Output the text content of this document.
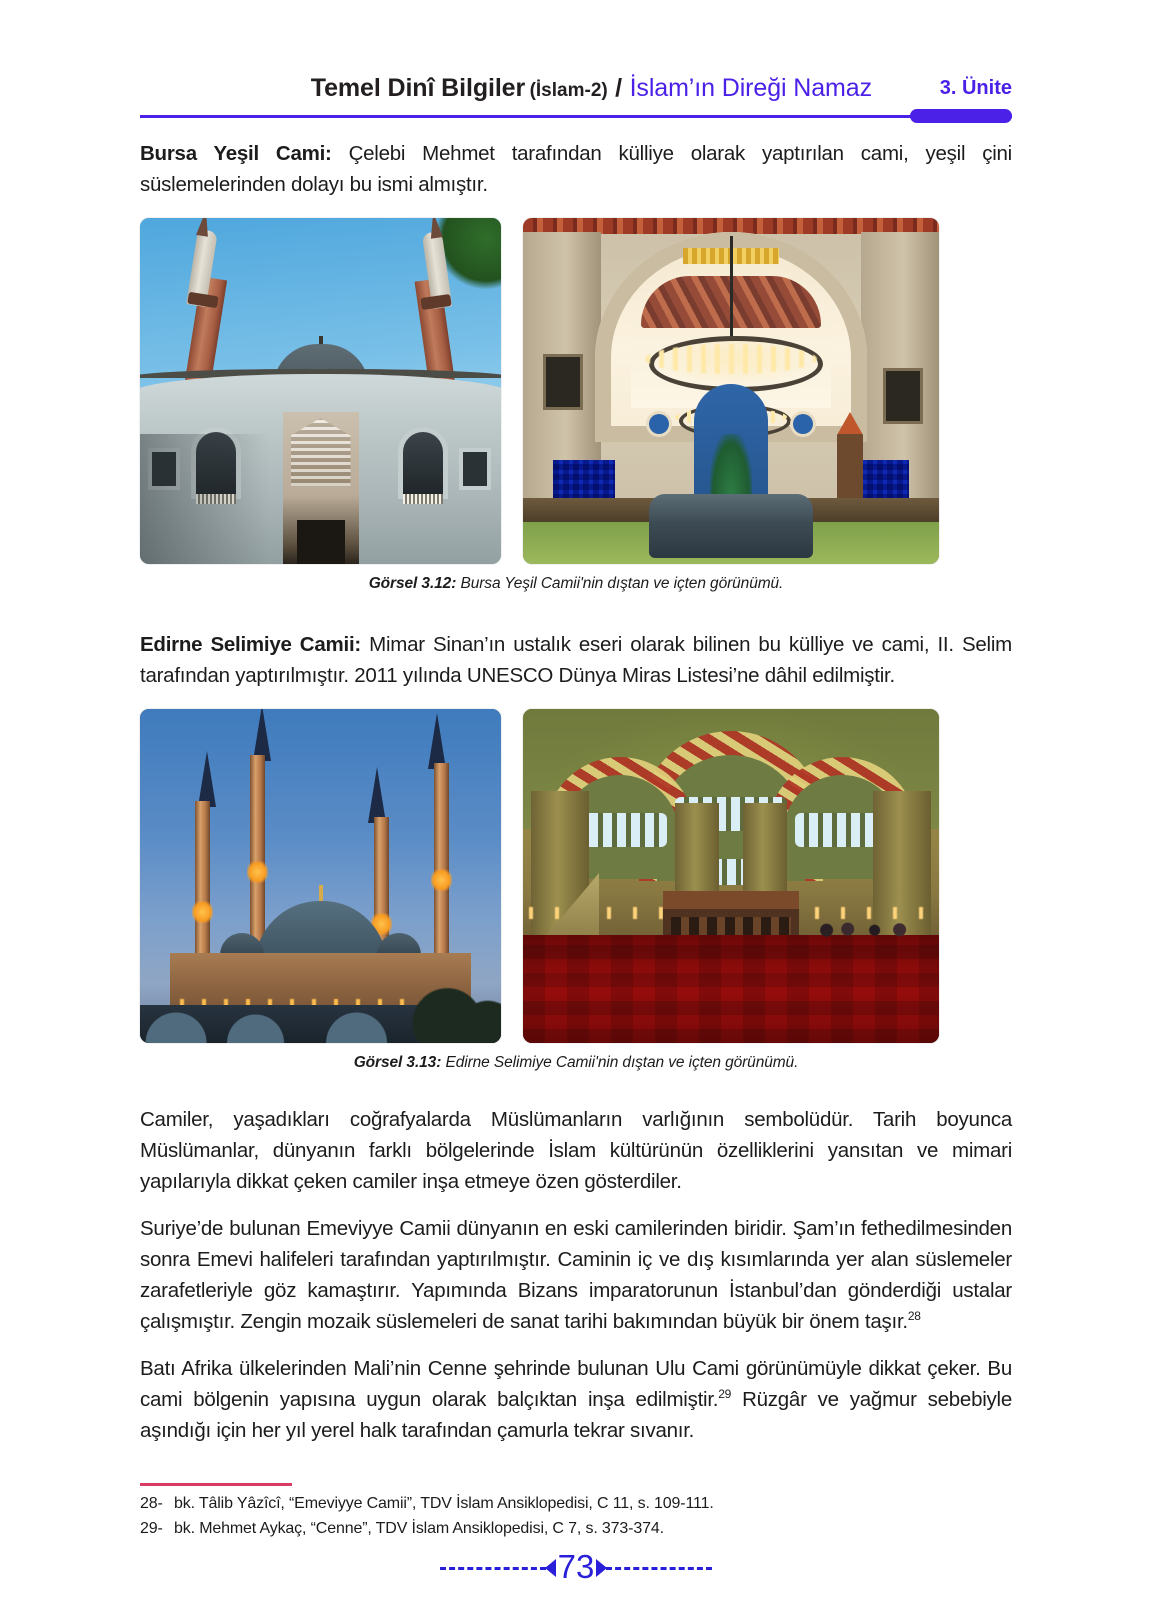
Temel Dinî Bilgiler (İslam-2) / İslam’ın Direği Namaz	3. Ünite

Bursa Yeşil Cami: Çelebi Mehmet tarafından külliye olarak yaptırılan cami, yeşil çini süslemelerinden dolayı bu ismi almıştır.

Görsel 3.12: Bursa Yeşil Camii'nin dıştan ve içten görünümü.

Edirne Selimiye Camii: Mimar Sinan’ın ustalık eseri olarak bilinen bu külliye ve cami, II. Selim tarafından yaptırılmıştır. 2011 yılında UNESCO Dünya Miras Listesi’ne dâhil edilmiştir.

Görsel 3.13: Edirne Selimiye Camii'nin dıştan ve içten görünümü.

Camiler, yaşadıkları coğrafyalarda Müslümanların varlığının sembolüdür. Tarih boyunca Müslümanlar, dünyanın farklı bölgelerinde İslam kültürünün özelliklerini yansıtan ve mimari yapılarıyla dikkat çeken camiler inşa etmeye özen gösterdiler.

Suriye’de bulunan Emeviyye Camii dünyanın en eski camilerinden biridir. Şam’ın fethedilmesinden sonra Emevi halifeleri tarafından yaptırılmıştır. Caminin iç ve dış kısımlarında yer alan süslemeler zarafetleriyle göz kamaştırır. Yapımında Bizans imparatorunun İstanbul’dan gönderdiği ustalar çalışmıştır. Zengin mozaik süslemeleri de sanat tarihi bakımından büyük bir önem taşır.$^{28}$

Batı Afrika ülkelerinden Mali’nin Cenne şehrinde bulunan Ulu Cami görünümüyle dikkat çeker. Bu cami bölgenin yapısına uygun olarak balçıktan inşa edilmiştir.$^{29}$ Rüzgâr ve yağmur sebebiyle aşındığı için her yıl yerel halk tarafından çamurla tekrar sıvanır.

28- bk. Tâlib Yâzîcî, “Emeviyye Camii”, TDV İslam Ansiklopedisi, C 11, s. 109-111.
29- bk. Mehmet Aykaç, “Cenne”, TDV İslam Ansiklopedisi, C 7, s. 373-374.
73
